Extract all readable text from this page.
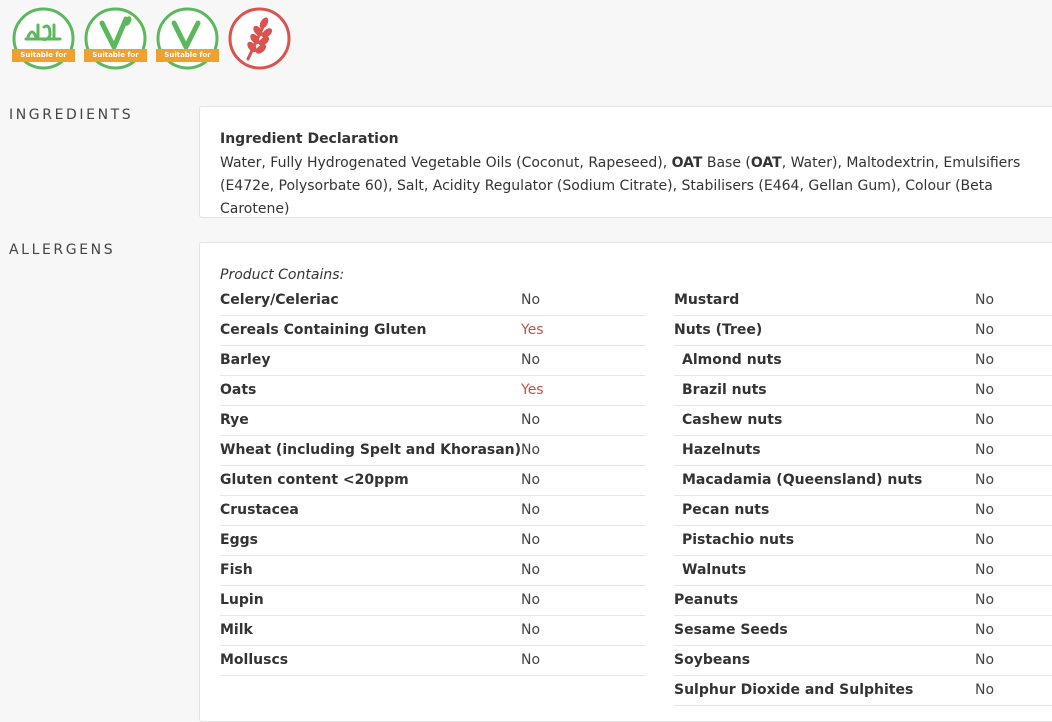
Suitable for	Suitable for	Suitable for
INGREDIENTS
Ingredient Declaration
Water, Fully Hydrogenated Vegetable Oils (Coconut, Rapeseed), OAT Base (OAT, Water), Maltodextrin, Emulsifiers (E472e, Polysorbate 60), Salt, Acidity Regulator (Sodium Citrate), Stabilisers (E464, Gellan Gum), Colour (Beta Carotene)
ALLERGENS
Product Contains:
Celery/Celeriac	No
Cereals Containing Gluten	Yes
Barley	No
Oats	Yes
Rye	No
Wheat (including Spelt and Khorasan) No
Gluten content <20ppm	No
Crustacea	No
Eggs	No
Fish	No
Lupin	No
Milk	No
Molluscs	No
Mustard	No
Nuts (Tree)	No
Almond nuts	No
Brazil nuts	No
Cashew nuts	No
Hazelnuts	No
Macadamia (Queensland) nuts	No
Pecan nuts	No
Pistachio nuts	No
Walnuts	No
Peanuts	No
Sesame Seeds	No
Soybeans	No
Sulphur Dioxide and Sulphites	No
